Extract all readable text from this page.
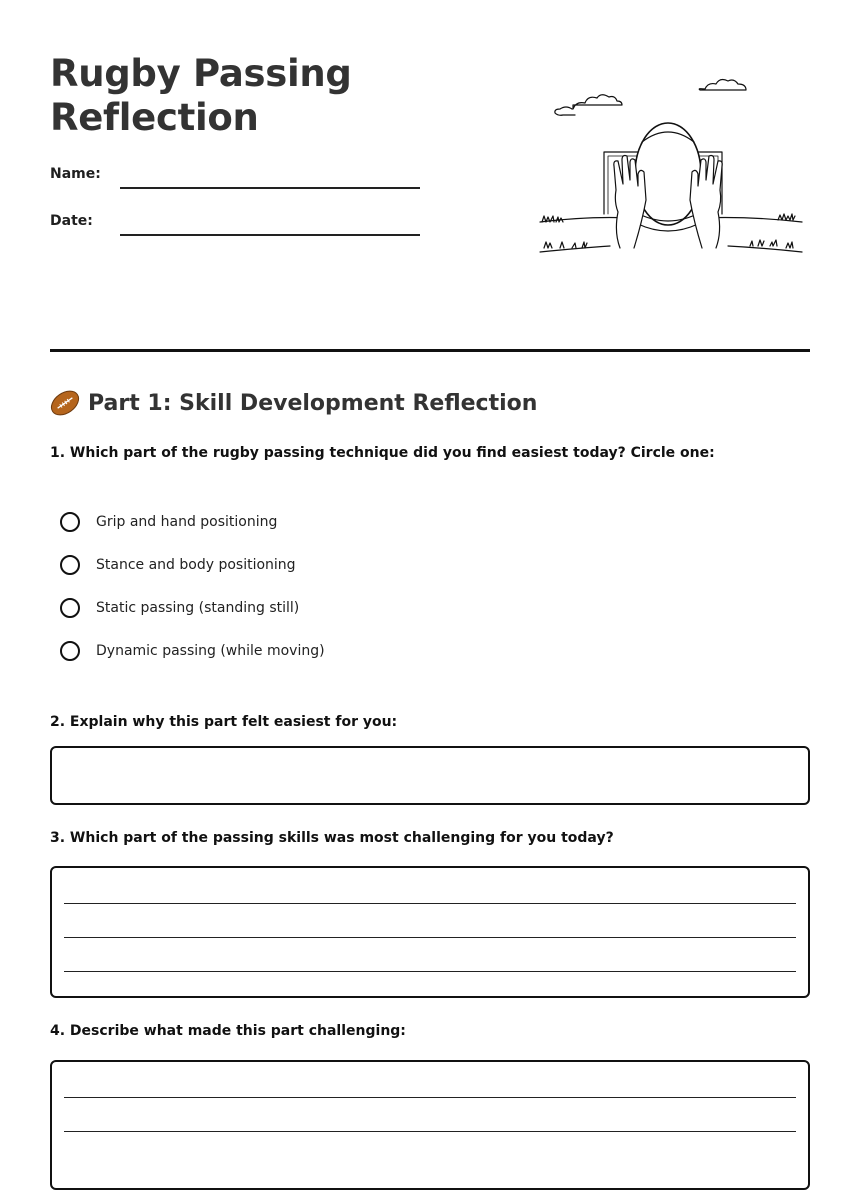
Rugby Passing Reflection
Name:
Date:
Part 1: Skill Development Reflection

1. Which part of the rugby passing technique did you find easiest today? Circle one:

Grip and hand positioning
Stance and body positioning
Static passing (standing still)
Dynamic passing (while moving)

2. Explain why this part felt easiest for you:

3. Which part of the passing skills was most challenging for you today?

4. Describe what made this part challenging:
